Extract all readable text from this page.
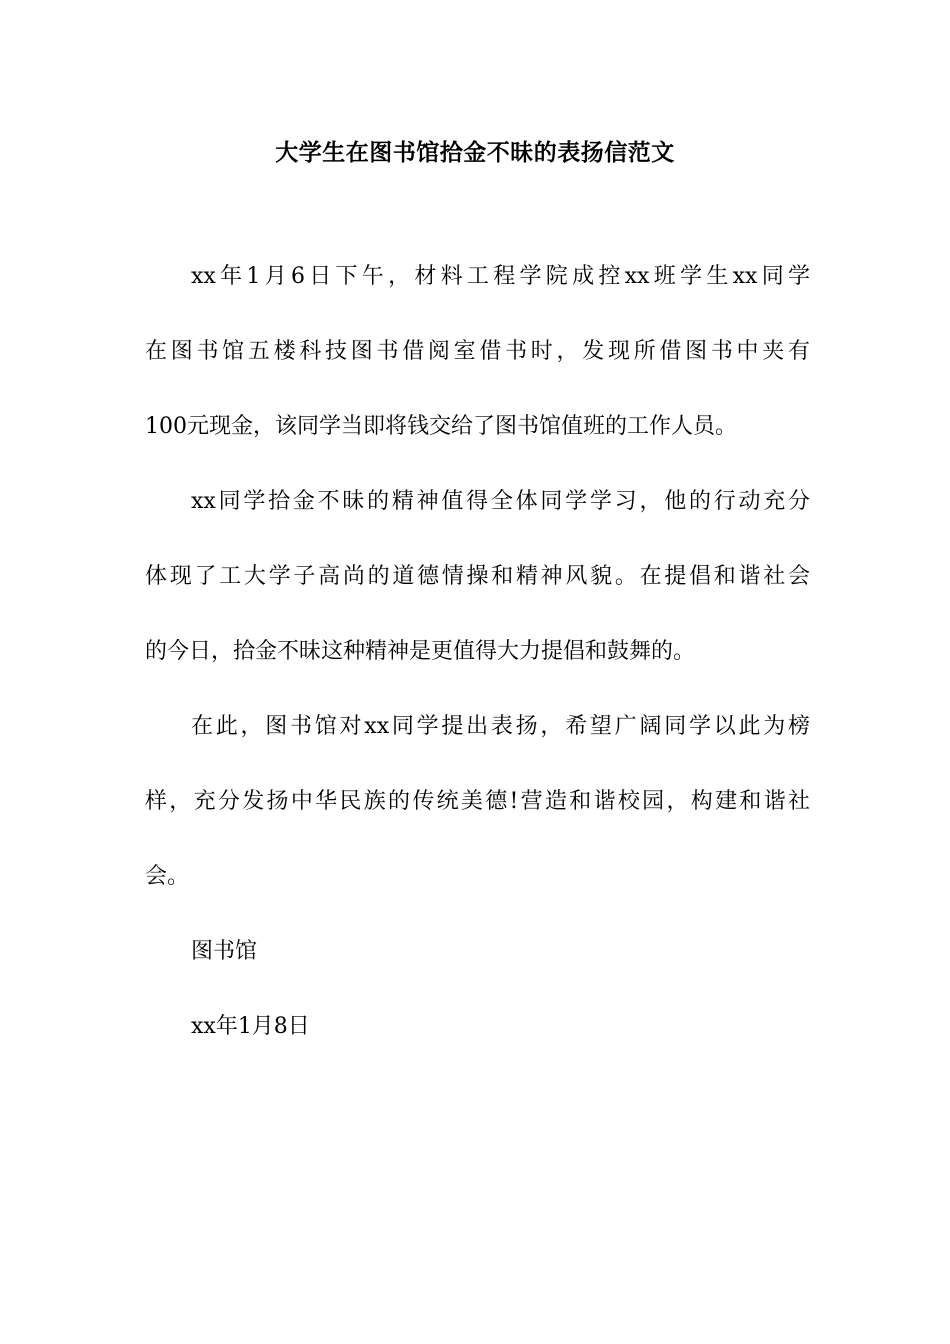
大学生在图书馆拾金不昧的表扬信范文
xx年1月6日下午，材料工程学院成控xx班学生xx同学
在图书馆五楼科技图书借阅室借书时，发现所借图书中夹有
100元现金，该同学当即将钱交给了图书馆值班的工作人员。
xx同学拾金不昧的精神值得全体同学学习，他的行动充分
体现了工大学子高尚的道德情操和精神风貌。在提倡和谐社会
的今日，拾金不昧这种精神是更值得大力提倡和鼓舞的。
在此，图书馆对xx同学提出表扬，希望广阔同学以此为榜
样，充分发扬中华民族的传统美德!营造和谐校园，构建和谐社
会。
图书馆
xx年1月8日
